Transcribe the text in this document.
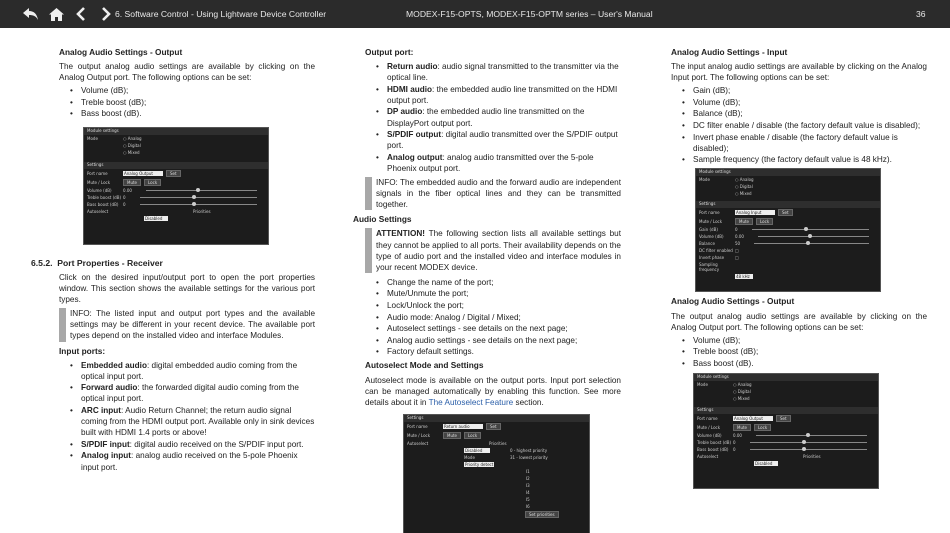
6. Software Control - Using Lightware Device Controller	MODEX-F15-OPTS, MODEX-F15-OPTM series – User's Manual	36
Analog Audio Settings - Output

The output analog audio settings are available by clicking on the Analog Output port. The following options can be set:

• Volume (dB);
• Treble boost (dB);
• Bass boost (dB).
Module settings
Mode	○ Analog
○ Digital
○ Mixed
Settings
Port name	Analog Output	Set
Mute / Lock	Mute	Lock
Volume (dB)	0.00
Treble boost (dB) 0
Bass boost (dB)	0
Autoselect	Priorities
Disabled
6.5.2. Port Properties - Receiver

Click on the desired input/output port to open the port properties window. This section shows the available settings for the various port types.

INFO: The listed input and output port types and the available settings may be different in your recent device. The available port types depend on the installed video and interface Modules.
Input ports:
• Embedded audio: digital embedded audio coming from the optical input port.
• Forward audio: the forwarded digital audio coming from the optical input port.
• ARC input: Audio Return Channel; the return audio signal coming from the HDMI output port. Available only in sink devices built with HDMI 1.4 ports or above!
• S/PDIF input: digital audio received on the S/PDIF input port.
• Analog input: analog audio received on the 5-pole Phoenix input port.
Output port:
• Return audio: audio signal transmitted to the transmitter via the optical line.
• HDMI audio: the embedded audio line transmitted on the HDMI output port.
• DP audio: the embedded audio line transmitted on the DisplayPort output port.
• S/PDIF output: digital audio transmitted over the S/PDIF output port.
• Analog output: analog audio transmitted over the 5-pole Phoenix output port.
INFO: The embedded audio and the forward audio are independent signals in the fiber optical lines and they can be transmitted together.
Audio Settings
ATTENTION! The following section lists all available settings but they cannot be applied to all ports. Their availability depends on the type of audio port and the installed video and interface modules in your recent MODEX device.
• Change the name of the port;
• Mute/Unmute the port;
• Lock/Unlock the port;
• Audio mode: Analog / Digital / Mixed;
• Autoselect settings - see details on the next page;
• Analog audio settings - see details on the next page;
• Factory default settings.
Autoselect Mode and Settings

Autoselect mode is available on the output ports. Input port selection can be managed automatically by enabling this function. See more details about it in The Autoselect Feature section.

Settings
Port name	Return audio	Set
Mute / Lock	Mute	Lock
Autoselect	Priorities
Disabled	0 - highest priority
Mode	31 - lowest priority
Priority detect
I1
I2
I3
I4
I5
I6
Set priorities
Analog Audio Settings - Input

The input analog audio settings are available by clicking on the Analog Input port. The following options can be set:

• Gain (dB);
• Volume (dB);
• Balance (dB);
• DC filter enable / disable (the factory default value is disabled);
• Invert phase enable / disable (the factory default value is disabled);
• Sample frequency (the factory default value is 48 kHz).
Module settings
Mode	○ Analog
○ Digital
○ Mixed
Settings
Port name	Analog Input	Set
Mute / Lock	Mute	Lock
Gain (dB)	0
Volume (dB)	0.00
Balance	50
DC filter enabled □
Invert phase	□
Sampling frequency
48 kHz
Analog Audio Settings - Output

The output analog audio settings are available by clicking on the Analog Output port. The following options can be set:

• Volume (dB);
• Treble boost (dB);
• Bass boost (dB).
Module settings
Mode	○ Analog
○ Digital
○ Mixed
Settings
Port name	Analog Output	Set
Mute / Lock	Mute	Lock
Volume (dB)	0.00
Treble boost (dB) 0
Bass boost (dB)	0
Autoselect	Priorities
Disabled
